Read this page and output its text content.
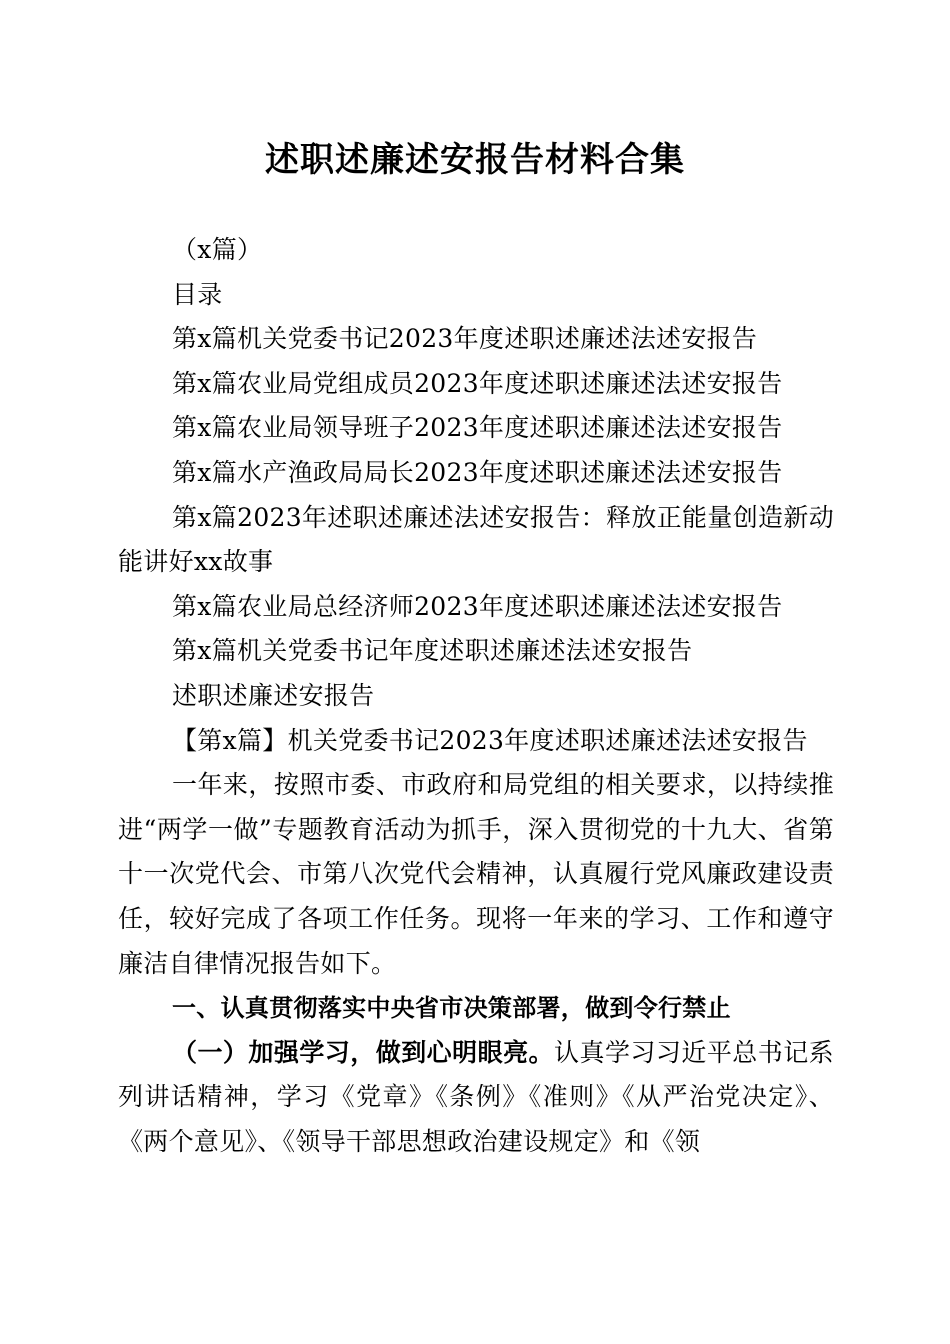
述职述廉述安报告材料合集

（x篇）

目录

第x篇机关党委书记2023年度述职述廉述法述安报告

第x篇农业局党组成员2023年度述职述廉述法述安报告

第x篇农业局领导班子2023年度述职述廉述法述安报告

第x篇水产渔政局局长2023年度述职述廉述法述安报告

第x篇2023年述职述廉述法述安报告：释放正能量创造新动能讲好xx故事

第x篇农业局总经济师2023年度述职述廉述法述安报告

第x篇机关党委书记年度述职述廉述法述安报告

述职述廉述安报告

【第x篇】机关党委书记2023年度述职述廉述法述安报告

一年来，按照市委、市政府和局党组的相关要求，以持续推进“两学一做”专题教育活动为抓手，深入贯彻党的十九大、省第十一次党代会、市第八次党代会精神，认真履行党风廉政建设责任，较好完成了各项工作任务。现将一年来的学习、工作和遵守廉洁自律情况报告如下。

一、认真贯彻落实中央省市决策部署，做到令行禁止

（一）加强学习，做到心明眼亮。认真学习习近平总书记系列讲话精神，学习《党章》《条例》《准则》《从严治党决定》、《两个意见》、《领导干部思想政治建设规定》和《领
